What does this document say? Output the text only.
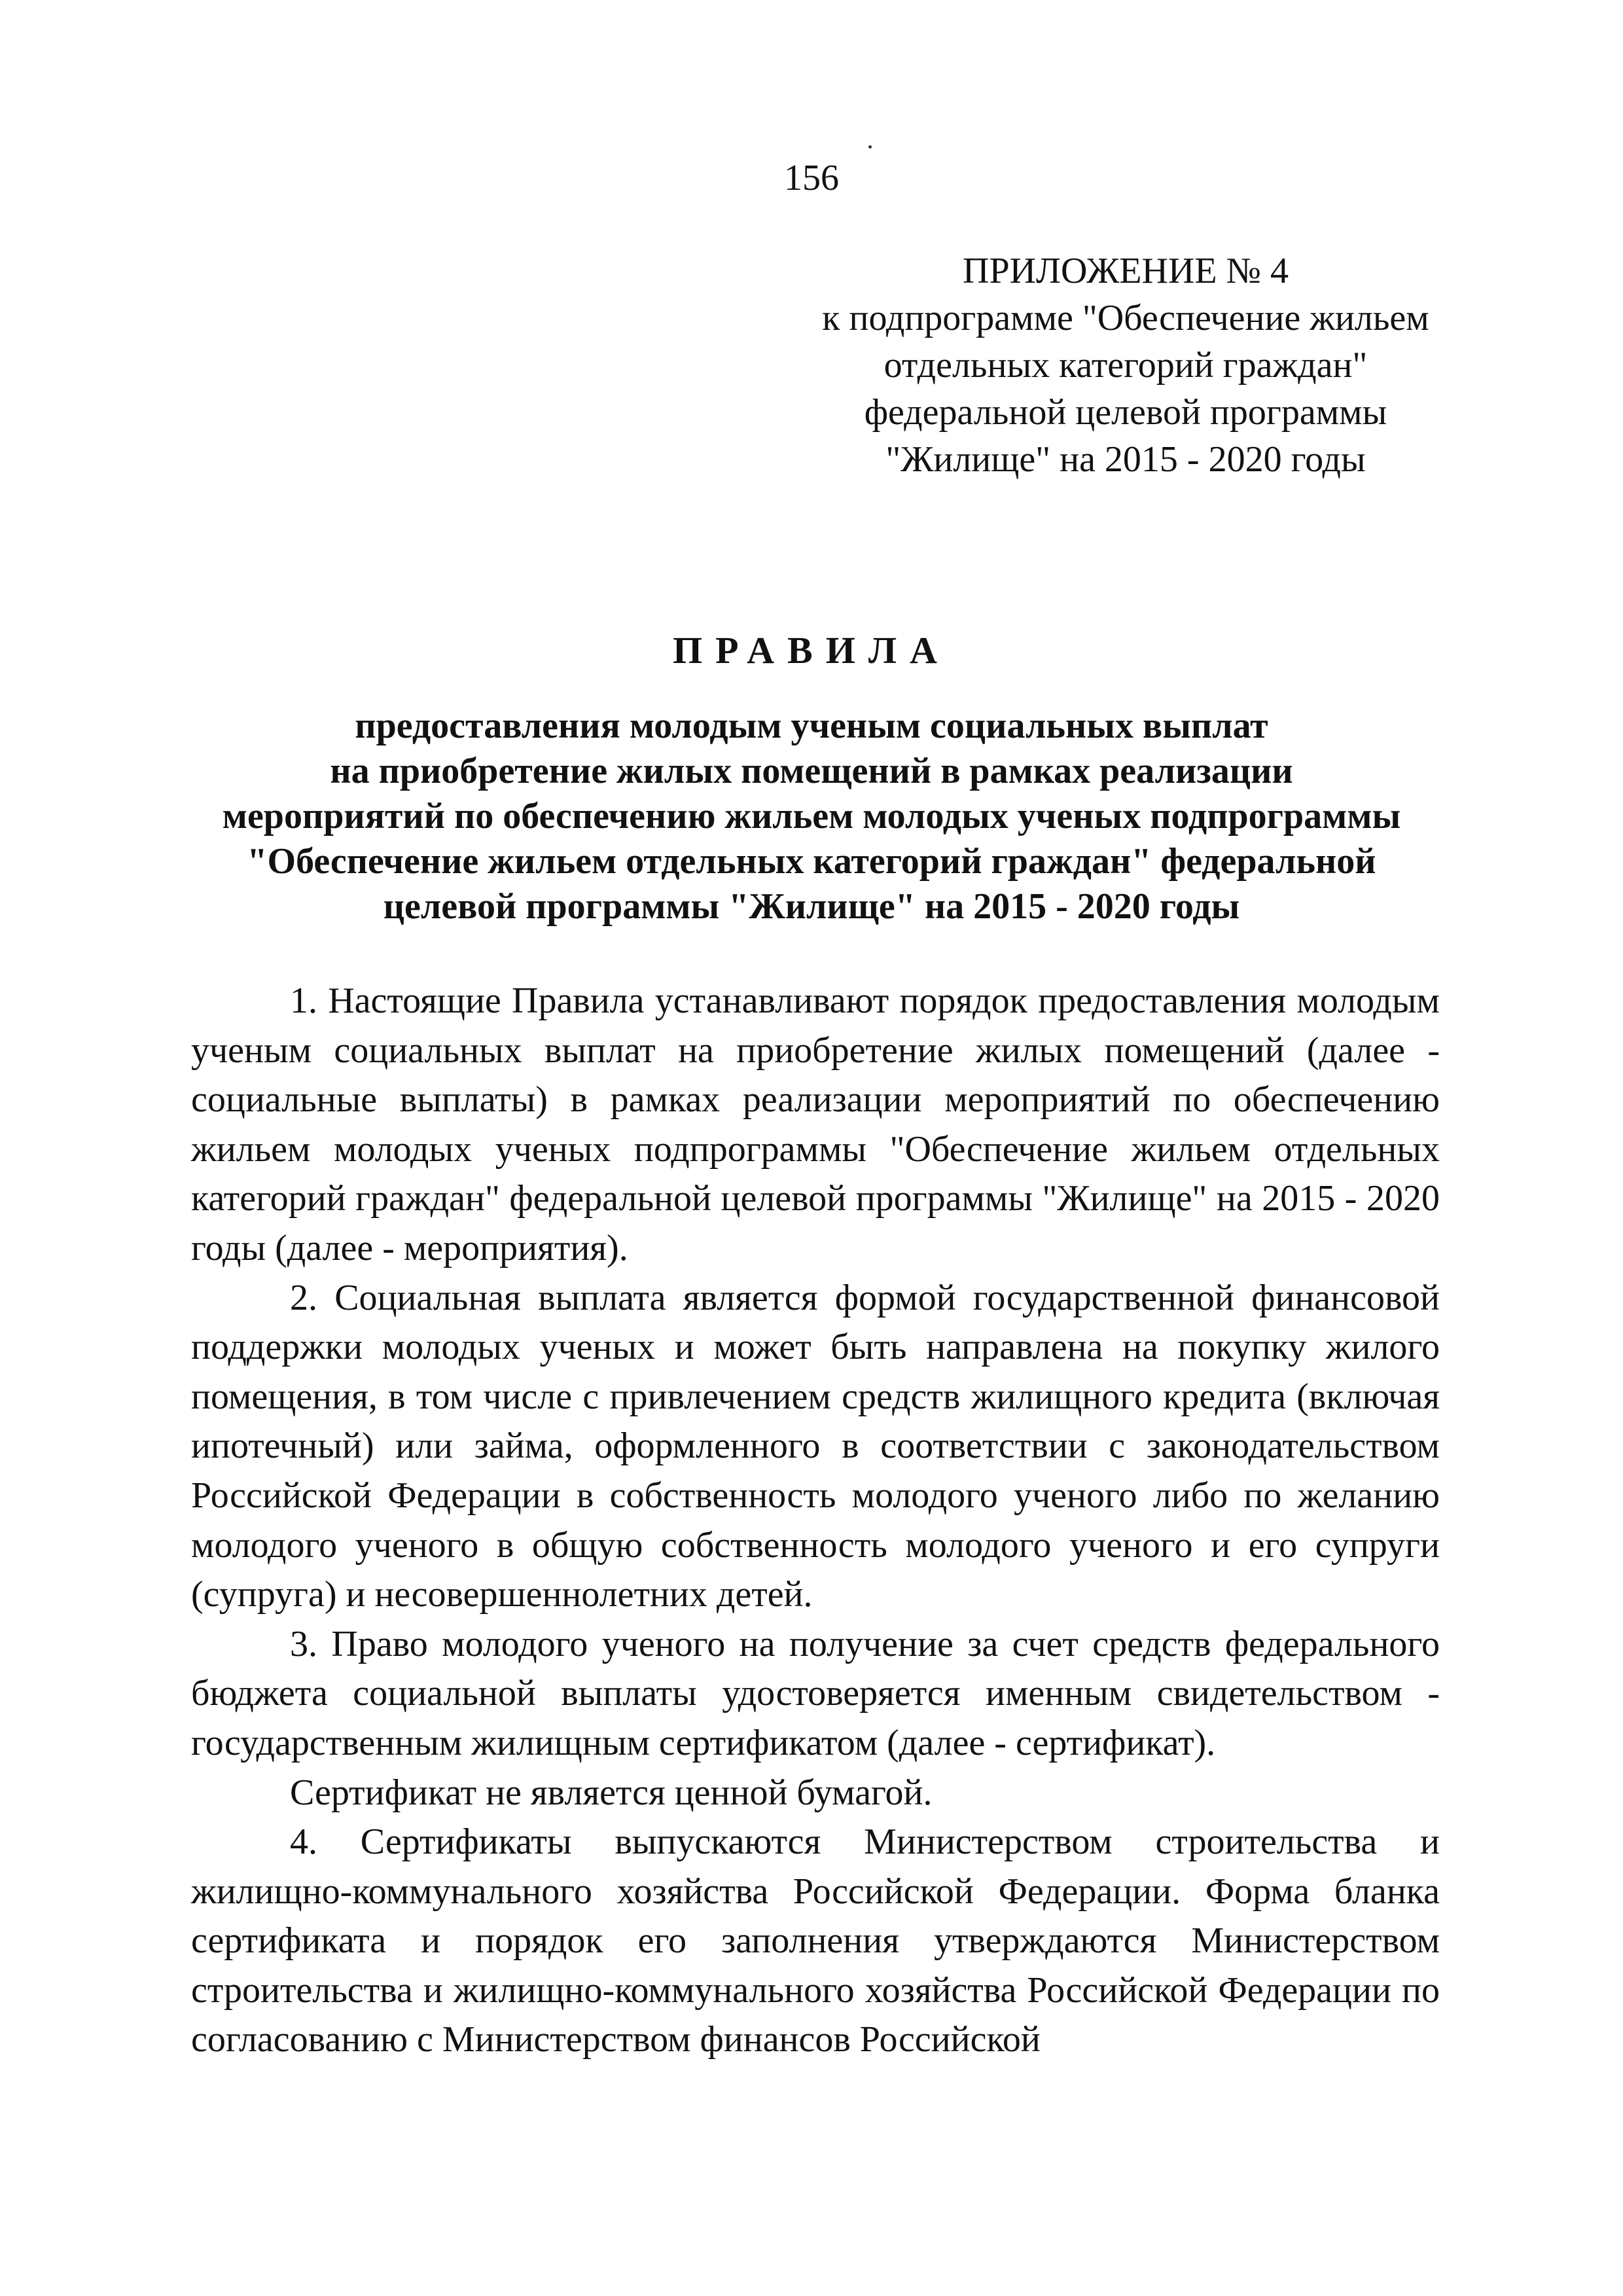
156
ПРИЛОЖЕНИЕ № 4
к подпрограмме "Обеспечение жильем
отдельных категорий граждан"
федеральной целевой программы
"Жилище" на 2015 - 2020 годы
ПРАВИЛА
предоставления молодым ученым социальных выплат
на приобретение жилых помещений в рамках реализации
мероприятий по обеспечению жильем молодых ученых подпрограммы
"Обеспечение жильем отдельных категорий граждан" федеральной
целевой программы "Жилище" на 2015 - 2020 годы

1. Настоящие Правила устанавливают порядок предоставления молодым ученым социальных выплат на приобретение жилых помещений (далее - социальные выплаты) в рамках реализации мероприятий по обеспечению жильем молодых ученых подпрограммы "Обеспечение жильем отдельных категорий граждан" федеральной целевой программы "Жилище" на 2015 - 2020 годы (далее - мероприятия).

2. Социальная выплата является формой государственной финансовой поддержки молодых ученых и может быть направлена на покупку жилого помещения, в том числе с привлечением средств жилищного кредита (включая ипотечный) или займа, оформленного в соответствии с законодательством Российской Федерации в собственность молодого ученого либо по желанию молодого ученого в общую собственность молодого ученого и его супруги (супруга) и несовершеннолетних детей.

3. Право молодого ученого на получение за счет средств федерального бюджета социальной выплаты удостоверяется именным свидетельством - государственным жилищным сертификатом (далее - сертификат).

Сертификат не является ценной бумагой.

4. Сертификаты выпускаются Министерством строительства и жилищно-коммунального хозяйства Российской Федерации. Форма бланка сертификата и порядок его заполнения утверждаются Министерством строительства и жилищно-коммунального хозяйства Российской Федерации по согласованию с Министерством финансов Российской
